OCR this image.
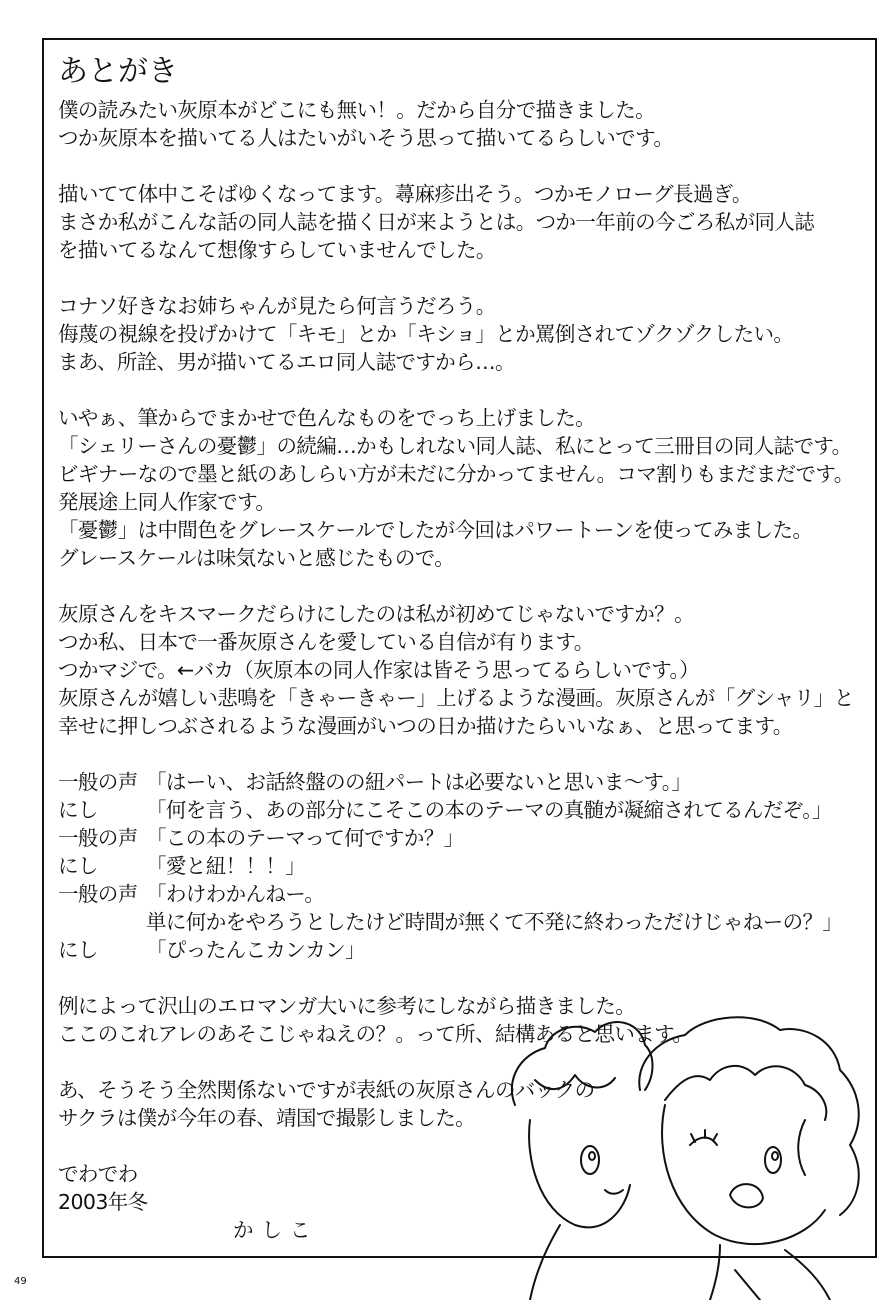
あとがき
僕の読みたい灰原本がどこにも無い！。だから自分で描きました。
つか灰原本を描いてる人はたいがいそう思って描いてるらしいです。
描いてて体中こそばゆくなってます。蕁麻疹出そう。つかモノローグ長過ぎ。
まさか私がこんな話の同人誌を描く日が来ようとは。つか一年前の今ごろ私が同人誌
を描いてるなんて想像すらしていませんでした。
コナソ好きなお姉ちゃんが見たら何言うだろう。
侮蔑の視線を投げかけて「キモ」とか「キショ」とか罵倒されてゾクゾクしたい。
まあ、所詮、男が描いてるエロ同人誌ですから…。
いやぁ、筆からでまかせで色んなものをでっち上げました。
「シェリーさんの憂鬱」の続編…かもしれない同人誌、私にとって三冊目の同人誌です。
ビギナーなので墨と紙のあしらい方が未だに分かってません。コマ割りもまだまだです。
発展途上同人作家です。
「憂鬱」は中間色をグレースケールでしたが今回はパワートーンを使ってみました。
グレースケールは味気ないと感じたもので。
灰原さんをキスマークだらけにしたのは私が初めてじゃないですか？。
つか私、日本で一番灰原さんを愛している自信が有ります。
つかマジで。←バカ（灰原本の同人作家は皆そう思ってるらしいです。）
灰原さんが嬉しい悲鳴を「きゃーきゃー」上げるような漫画。灰原さんが「グシャリ」と
幸せに押しつぶされるような漫画がいつの日か描けたらいいなぁ、と思ってます。
一般の声 「はーい、お話終盤のの紐パートは必要ないと思いま～す。」
にし 「何を言う、あの部分にこそこの本のテーマの真髄が凝縮されてるんだぞ。」
一般の声 「この本のテーマって何ですか？」
にし 「愛と紐！！！」
一般の声 「わけわかんねー。
単に何かをやろうとしたけど時間が無くて不発に終わっただけじゃねーの？」
にし 「ぴったんこカンカン」
例によって沢山のエロマンガ大いに参考にしながら描きました。
ここのこれアレのあそこじゃねえの？。って所、結構あると思います。
あ、そうそう全然関係ないですが表紙の灰原さんのバックの
サクラは僕が今年の春、靖国で撮影しました。
でわでわ
2003年冬
かしこ
49
